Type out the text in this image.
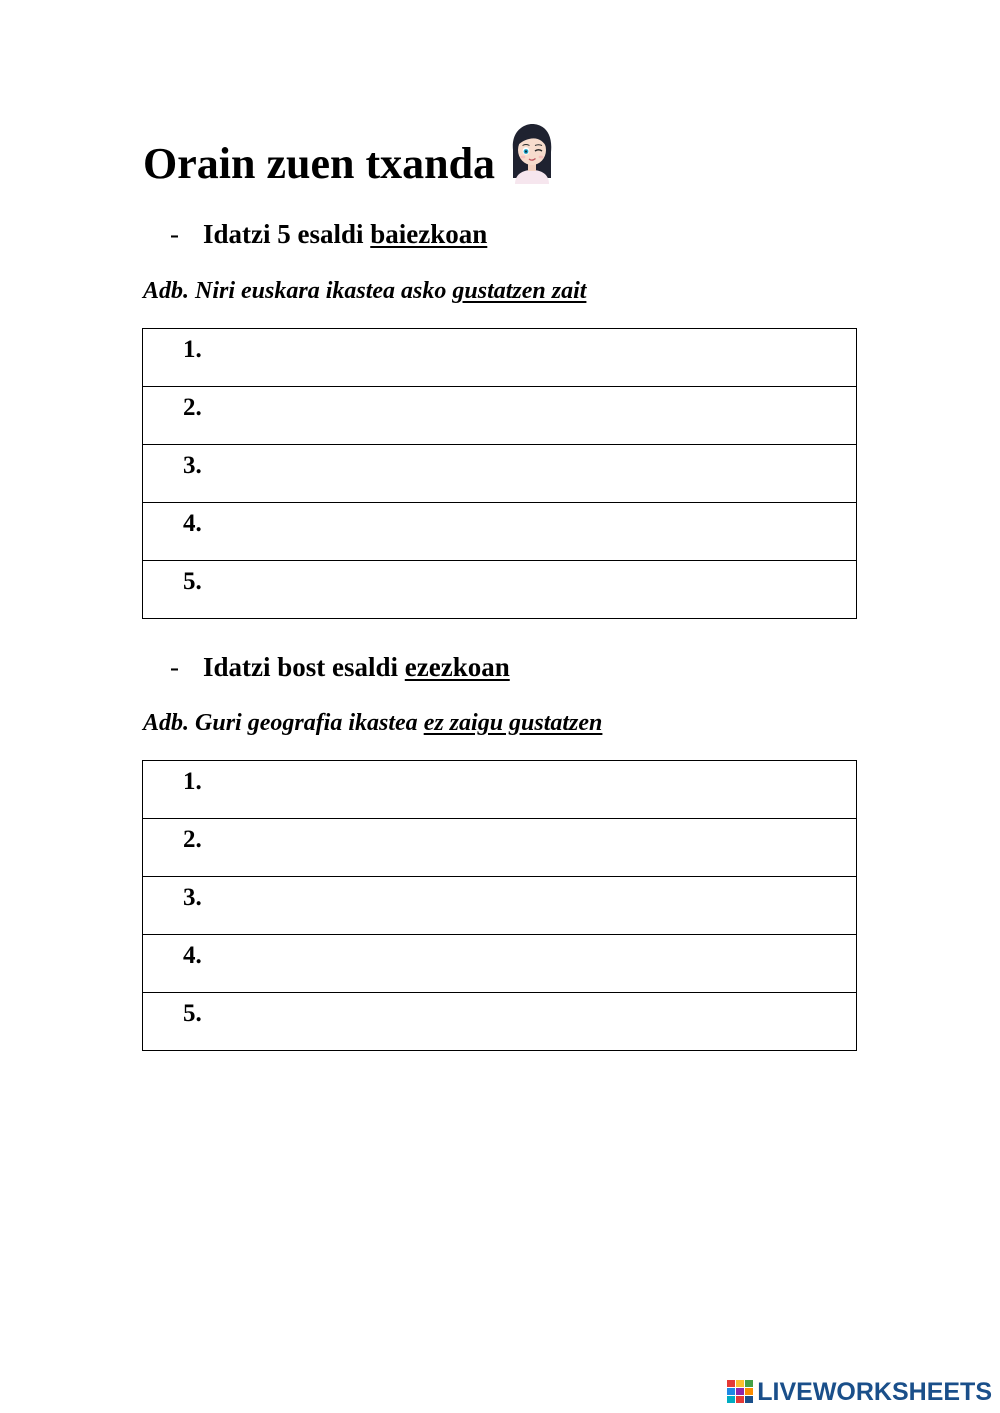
Orain zuen txanda
- Idatzi 5 esaldi baiezkoan
Adb. Niri euskara ikastea asko gustatzen zait
1.
2.
3.
4.
5.
- Idatzi bost esaldi ezezkoan
Adb. Guri geografia ikastea ez zaigu gustatzen
1.
2.
3.
4.
5.
LIVEWORKSHEETS
